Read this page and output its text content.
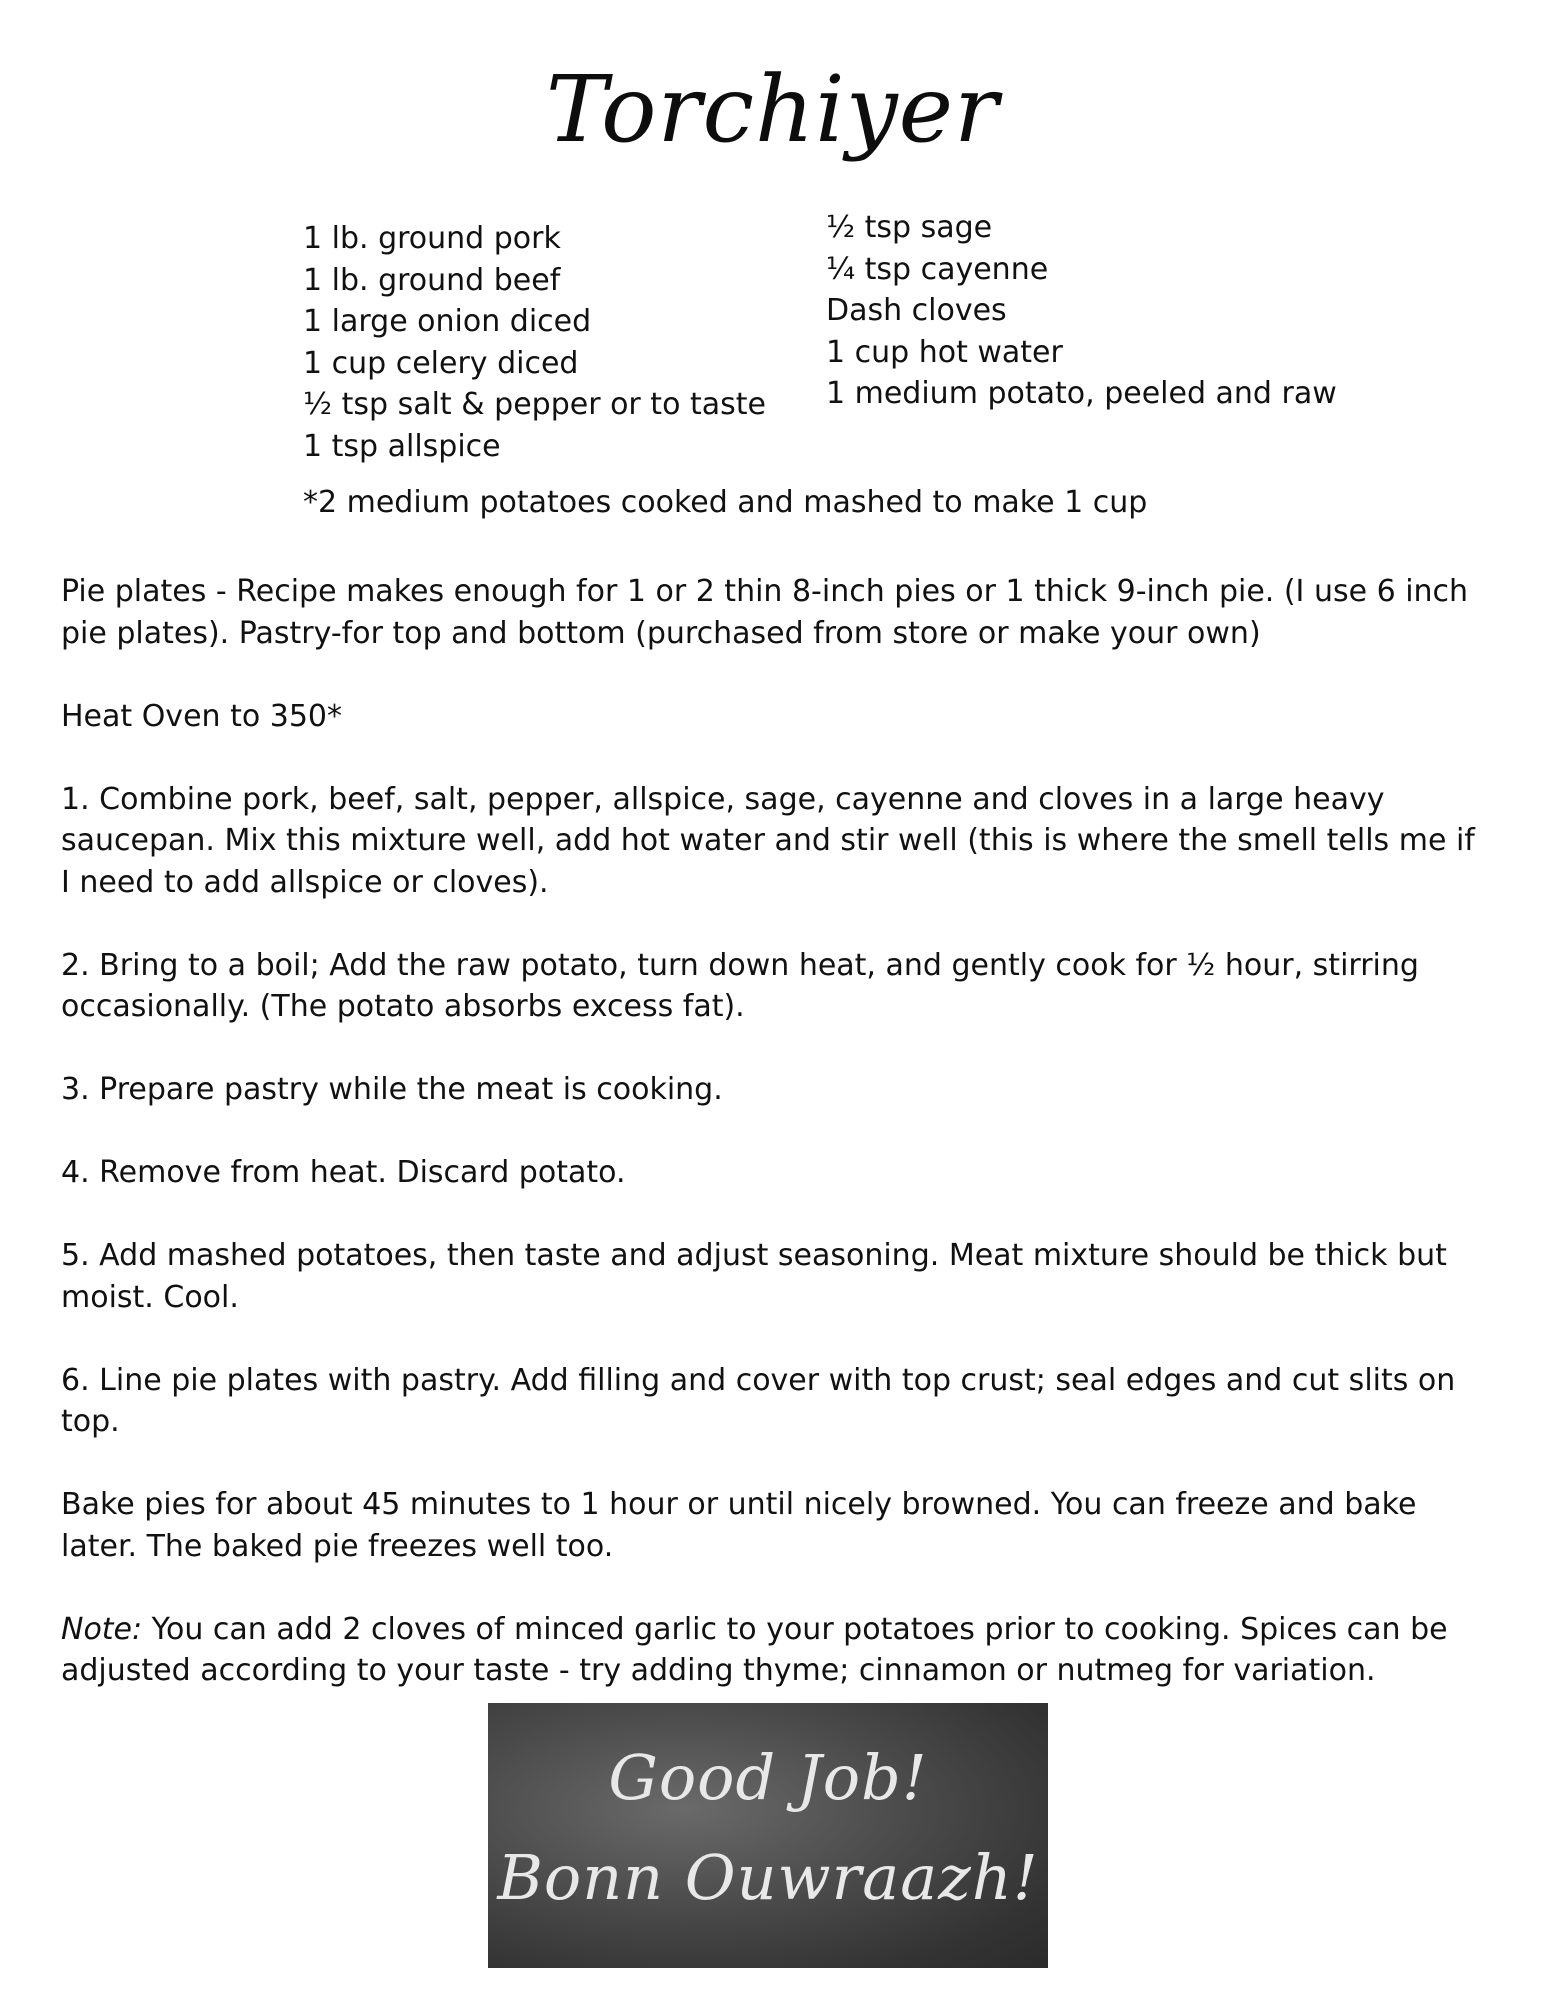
Torchiyer
1 lb. ground pork
1 lb. ground beef
1 large onion diced
1 cup celery diced
½ tsp salt & pepper or to taste
1 tsp allspice
½ tsp sage
¼ tsp cayenne
Dash cloves
1 cup hot water
1 medium potato, peeled and raw
*2 medium potatoes cooked and mashed to make 1 cup

Pie plates - Recipe makes enough for 1 or 2 thin 8-inch pies or 1 thick 9-inch pie. (I use 6 inch pie plates). Pastry-for top and bottom (purchased from store or make your own)

Heat Oven to 350*

1. Combine pork, beef, salt, pepper, allspice, sage, cayenne and cloves in a large heavy saucepan. Mix this mixture well, add hot water and stir well (this is where the smell tells me if I need to add allspice or cloves).

2. Bring to a boil; Add the raw potato, turn down heat, and gently cook for ½ hour, stirring occasionally. (The potato absorbs excess fat).

3. Prepare pastry while the meat is cooking.

4. Remove from heat. Discard potato.

5. Add mashed potatoes, then taste and adjust seasoning. Meat mixture should be thick but moist. Cool.

6. Line pie plates with pastry. Add filling and cover with top crust; seal edges and cut slits on top.

Bake pies for about 45 minutes to 1 hour or until nicely browned. You can freeze and bake later. The baked pie freezes well too.

Note: You can add 2 cloves of minced garlic to your potatoes prior to cooking. Spices can be adjusted according to your taste - try adding thyme; cinnamon or nutmeg for variation.

Good Job!
Bonn Ouwraazh!
